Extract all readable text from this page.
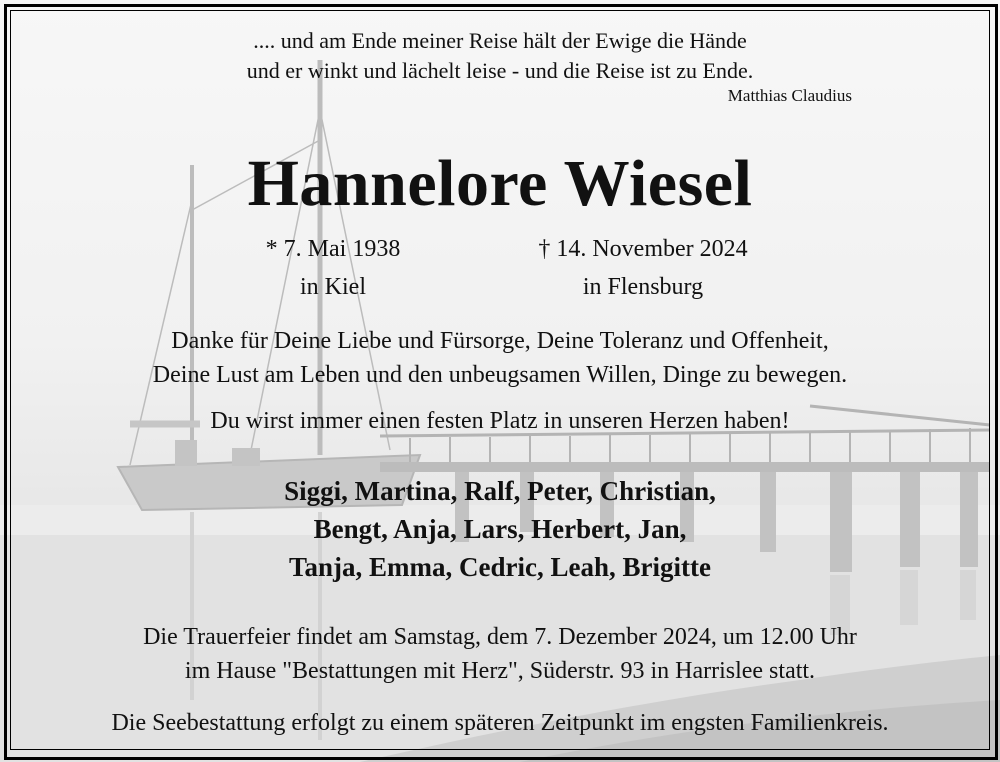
.... und am Ende meiner Reise hält der Ewige die Hände
und er winkt und lächelt leise - und die Reise ist zu Ende.
Matthias Claudius
Hannelore Wiesel
* 7. Mai 1938
in Kiel
† 14. November 2024
in Flensburg
Danke für Deine Liebe und Fürsorge, Deine Toleranz und Offenheit,
Deine Lust am Leben und den unbeugsamen Willen, Dinge zu bewegen.
Du wirst immer einen festen Platz in unseren Herzen haben!
Siggi, Martina, Ralf, Peter, Christian,
Bengt, Anja, Lars, Herbert, Jan,
Tanja, Emma, Cedric, Leah, Brigitte
Die Trauerfeier findet am Samstag, dem 7. Dezember 2024, um 12.00 Uhr
im Hause "Bestattungen mit Herz", Süderstr. 93 in Harrislee statt.
Die Seebestattung erfolgt zu einem späteren Zeitpunkt im engsten Familienkreis.
